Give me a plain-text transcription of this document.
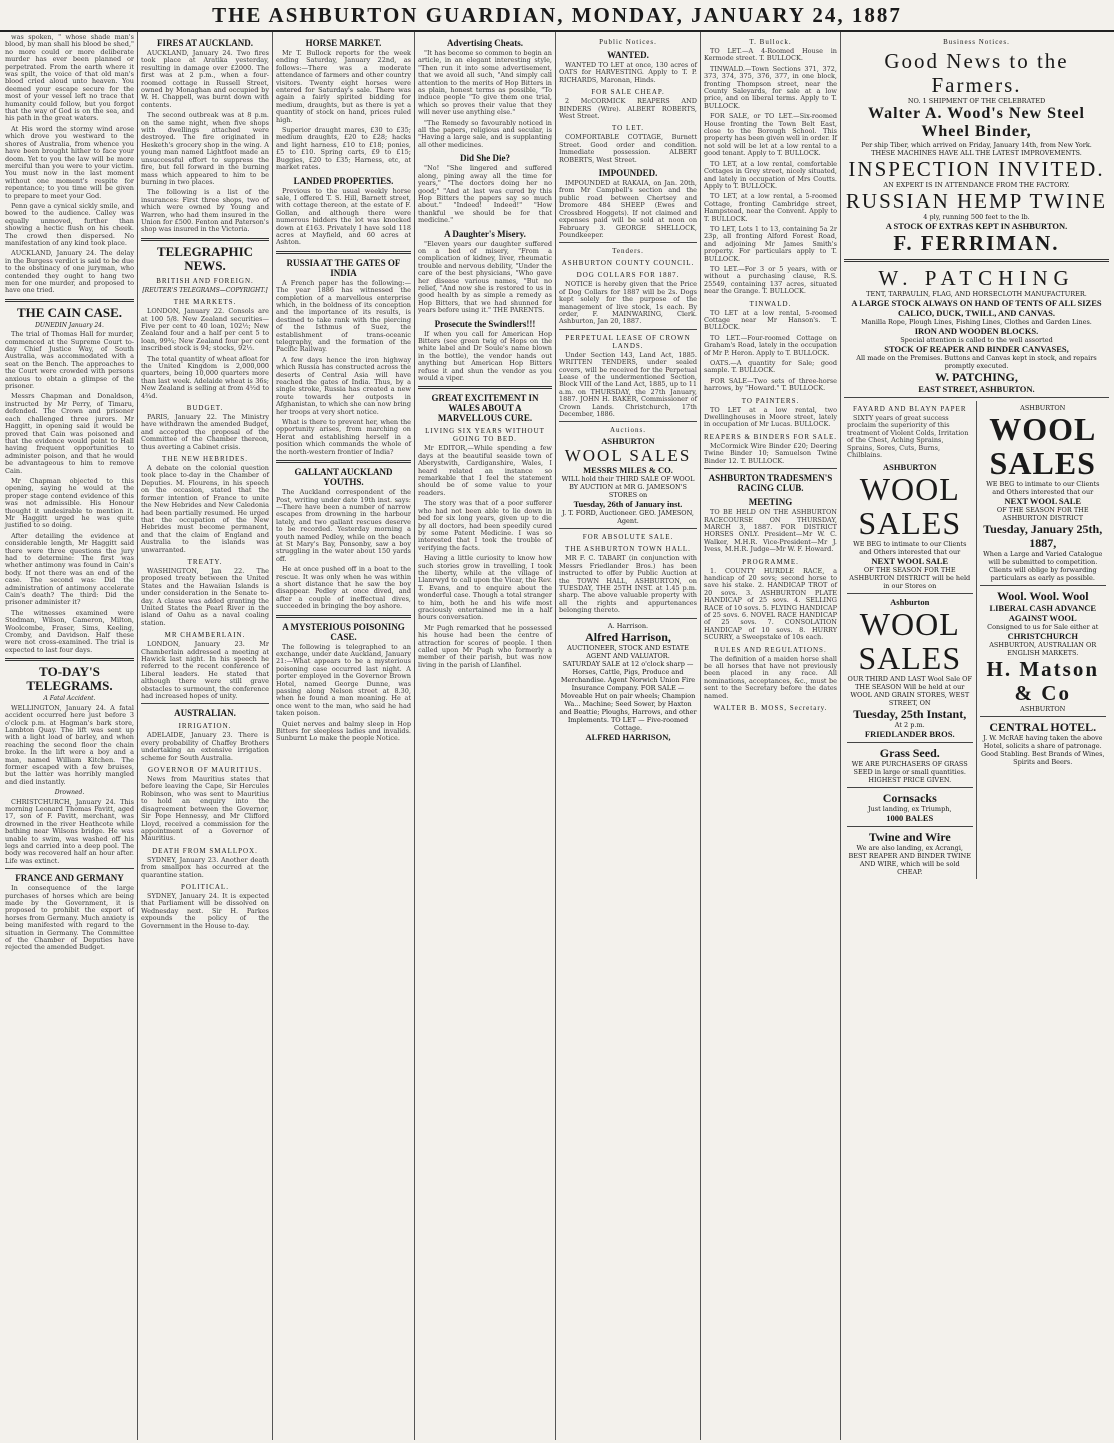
THE ASHBURTON GUARDIAN, MONDAY, JANUARY 24, 1887

was spoken, " whose shade man's blood, by man shall his blood be shed," no more could or more deliberate murder has ever been planned or perpetrated. From the earth where it was spilt, the voice of that old man's blood cried aloud unto heaven. You deemed your escape secure for the most of your vessel left no trace that humanity could follow, but you forgot that the way of God is on the sea, and his path in the great waters.

At His word the stormy wind arose which drove you westward to the shores of Australia, from whence you have been brought hither to face your doom. Yet to you the law will be more merciful than you were to your victim. You must now in the last moment without one moment's respite for repentance; to you time will be given to prepare to meet your God.

Penn gave a cynical sickly smile, and bowed to the audience. Calley was equally unmoved, further than showing a hectic flush on his cheek. The crowd then dispersed. No manifestation of any kind took place.

AUCKLAND, January 24. The delay in the Burgess verdict is said to be due to the obstinacy of one juryman, who contended they ought to hang two men for one murder, and proposed to have one tried.

THE CAIN CASE.
DUNEDIN January 24.

The trial of Thomas Hall for murder, commenced at the Supreme Court to-day Chief Justice Way, of South Australia, was accommodated with a seat on the Bench. The approaches to the Court were crowded with persons anxious to obtain a glimpse of the prisoner.

Messrs Chapman and Donaldson, instructed by Mr Perry, of Timaru, defended. The Crown and prisoner each challenged three jurors. Mr Haggitt, in opening said it would be proved that Cain was poisoned and that the evidence would point to Hall having frequent opportunities to administer poison, and that he would be advantageous to him to remove Cain.

Mr Chapman objected to this opening, saying he would at the proper stage contend evidence of this was not admissible. His Honour thought it undesirable to mention it. Mr Haggitt urged he was quite justified to so doing.

After detailing the evidence at considerable length, Mr Haggitt said there were three questions the jury had to determine: The first was whether antimony was found in Cain's body. If not there was an end of the case. The second was: Did the administration of antimony accelerate Cain's death? The third: Did the prisoner administer it?

The witnesses examined were Stedman, Wilson, Cameron, Milton, Woolcombe, Fraser, Sims, Keeling, Cromby, and Davidson. Half these were not cross-examined. The trial is expected to last four days.

TO-DAY'S TELEGRAMS.
A Fatal Accident.

WELLINGTON, January 24. A fatal accident occurred here just before 3 o'clock p.m. at Hagman's bark store, Lambton Quay. The lift was sent up with a light load of barley, and when reaching the second floor the chain broke. In the lift were a boy and a man, named William Kitchen. The former escaped with a few bruises, but the latter was horribly mangled and died instantly.

Drowned.

CHRISTCHURCH, January 24. This morning Leonard Thomas Pavitt, aged 17, son of F. Pavitt, merchant, was drowned in the river Heathcote while bathing near Wilsons bridge. He was unable to swim, was washed off his legs and carried into a deep pool. The body was recovered half an hour after. Life was extinct.

FRANCE AND GERMANY

In consequence of the large purchases of horses which are being made by the Government, it is proposed to prohibit the export of horses from Germany. Much anxiety is being manifested with regard to the situation in Germany. The Committee of the Chamber of Deputies have rejected the amended Budget.

FIRES AT AUCKLAND.

AUCKLAND, January 24. Two fires took place at Aratika yesterday, resulting in damage over £2000. The first was at 2 p.m., when a four-roomed cottage in Russell Street, owned by Monaghan and occupied by W. H. Chappell, was burnt down with contents.

The second outbreak was at 8 p.m. on the same night, when five shops with dwellings attached were destroyed. The fire originated in Hesketh's grocery shop in the wing. A young man named Lightfoot made an unsuccessful effort to suppress the fire, but fell forward in the burning mass which appeared to him to be burning in two places.

The following is a list of the insurances: First three shops, two of which were owned by Young and Warren, who had them insured in the Union for £500. Fenton and Paterson's shop was insured in the Victoria.

TELEGRAPHIC NEWS.
BRITISH AND FOREIGN.
[REUTER'S TELEGRAMS—COPYRIGHT.]
THE MARKETS.

LONDON, January 22. Consols are at 100 5/8. New Zealand securities—Five per cent to 40 loan, 102½; New Zealand four and a half per cent 5 to loan, 99¾; New Zealand four per cent inscribed stock is 94; stocks, 92½.

The total quantity of wheat afloat for the United Kingdom is 2,000,000 quarters, being 10,000 quarters more than last week. Adelaide wheat is 36s; New Zealand is selling at from 4½d to 4¾d.

BUDGET.

PARIS, January 22. The Ministry have withdrawn the amended Budget, and accepted the proposal of the Committee of the Chamber thereon, thus averting a Cabinet crisis.

THE NEW HEBRIDES.

A debate on the colonial question took place to-day in the Chamber of Deputies. M. Flourens, in his speech on the occasion, stated that the former intention of France to unite the New Hebrides and New Caledonia had been partially resumed. He urged that the occupation of the New Hebrides must become permanent, and that the claim of England and Australia to the islands was unwarranted.

TREATY.

WASHINGTON, Jan 22. The proposed treaty between the United States and the Hawaiian Islands is under consideration in the Senate to-day. A clause was added granting the United States the Pearl River in the island of Oahu as a naval coaling station.

MR CHAMBERLAIN.

LONDON, January 23. Mr Chamberlain addressed a meeting at Hawick last night. In his speech he referred to the recent conference of Liberal leaders. He stated that although there were still grave obstacles to surmount, the conference had increased hopes of unity.

AUSTRALIAN.
IRRIGATION.

ADELAIDE, January 23. There is every probability of Chaffey Brothers undertaking an extensive irrigation scheme for South Australia.

GOVERNOR OF MAURITIUS.

News from Mauritius states that before leaving the Cape, Sir Hercules Robinson, who was sent to Mauritius to hold an enquiry into the disagreement between the Governor, Sir Pope Hennessy, and Mr Clifford Lloyd, received a commission for the appointment of a Governor of Mauritius.

DEATH FROM SMALLPOX.

SYDNEY, January 23. Another death from smallpox has occurred at the quarantine station.

POLITICAL.

SYDNEY, January 24. It is expected that Parliament will be dissolved on Wednesday next. Sir H. Parkes expounds the policy of the Government in the House to-day.

HORSE MARKET.

Mr T. Bullock reports for the week ending Saturday, January 22nd, as follows:—There was a moderate attendance of farmers and other country visitors. Twenty eight horses were entered for Saturday's sale. There was again a fairly spirited bidding for medium, draughts, but as there is yet a quantity of stock on hand, prices ruled high.

Superior draught mares, £30 to £35; medium draughts, £20 to £28; hacks and light harness, £10 to £18; ponies, £5 to £10. Spring carts, £9 to £15; Buggies, £20 to £35; Harness, etc, at market rates.

LANDED PROPERTIES.

Previous to the usual weekly horse sale, I offered T. S. Hill, Barnett street, with cottage thereon, at the estate of F. Gollan, and although there were numerous bidders the lot was knocked down at £163. Privately I have sold 118 acres at Mayfield, and 60 acres at Ashton.

RUSSIA AT THE GATES OF INDIA

A French paper has the following:—The year 1886 has witnessed the completion of a marvellous enterprise which, in the boldness of its conception and the importance of its results, is destined to take rank with the piercing of the Isthmus of Suez, the establishment of trans-oceanic telegraphy, and the formation of the Pacific Railway.

A few days hence the iron highway which Russia has constructed across the deserts of Central Asia will have reached the gates of India. Thus, by a single stroke, Russia has created a new route towards her outposts in Afghanistan, to which she can now bring her troops at very short notice.

What is there to prevent her, when the opportunity arises, from marching on Herat and establishing herself in a position which commands the whole of the north-western frontier of India?

GALLANT AUCKLAND YOUTHS.

The Auckland correspondent of the Post, writing under date 19th inst. says:—There have been a number of narrow escapes from drowning in the harbour lately, and two gallant rescues deserve to be recorded. Yesterday morning a youth named Pedley, while on the beach at St Mary's Bay, Ponsonby, saw a boy struggling in the water about 150 yards off.

He at once pushed off in a boat to the rescue. It was only when he was within a short distance that he saw the boy disappear. Pedley at once dived, and after a couple of ineffectual dives, succeeded in bringing the boy ashore.

A MYSTERIOUS POISONING CASE.

The following is telegraphed to an exchange, under date Auckland, January 21:—What appears to be a mysterious poisoning case occurred last night. A porter employed in the Governor Brown Hotel, named George Dunne, was passing along Nelson street at 8.30, when he found a man moaning. He at once went to the man, who said he had taken poison.

Quiet nerves and balmy sleep in Hop Bitters for sleepless ladies and invalids. Sunburnt Lo make the people Notice.

Advertising Cheats.

"It has become so common to begin an article, in an elegant interesting style, "Then run it into some advertisement, that we avoid all such, "And simply call attention to the merits of Hop Bitters in as plain, honest terms as possible, "To induce people "To give them one trial, which so proves their value that they will never use anything else."

"The Remedy so favourably noticed in all the papers, religious and secular, is "Having a large sale, and is supplanting all other medicines.

Did She Die?

"No! "She lingered and suffered along, pining away all the time for years," "The doctors doing her no good;" "And at last was cured by this Hop Bitters the papers say so much about." "Indeed! Indeed!" "How thankful we should be for that medicine."

A Daughter's Misery.

"Eleven years our daughter suffered on a bed of misery, "From a complication of kidney, liver, rheumatic trouble and nervous debility, "Under the care of the best physicians, "Who gave her disease various names, "But no relief, "And now she is restored to us in good health by as simple a remedy as Hop Bitters, that we had shunned for years before using it." THE PARENTS.

Prosecute the Swindlers!!!

If when you call for American Hop Bitters (see green twig of Hops on the white label and Dr Soule's name blown in the bottle), the vendor hands out anything but American Hop Bitters refuse it and shun the vendor as you would a viper.

GREAT EXCITEMENT IN WALES ABOUT A MARVELLOUS CURE.
LIVING SIX YEARS WITHOUT GOING TO BED.

Mr EDITOR,—While spending a few days at the beautiful seaside town of Aberystwith, Cardiganshire, Wales, I heard related an instance so remarkable that I feel the statement should be of some value to your readers.

The story was that of a poor sufferer who had not been able to lie down in bed for six long years, given up to die by all doctors, had been speedily cured by some Patent Medicine. I was so interested that I took the trouble of verifying the facts.

Having a little curiosity to know how such stories grow in travelling, I took the liberty, while at the village of Llanrwyd to call upon the Vicar, the Rev. T. Evans, and to enquire about the wonderful case. Though a total stranger to him, both he and his wife most graciously entertained me in a half hours conversation.

Mr Pugh remarked that he possessed his house had been the centre of attraction for scores of people. I then called upon Mr Pugh who formerly a member of their parish, but was now living in the parish of Llanfihel.

Public Notices.
WANTED.

WANTED TO LET at once, 130 acres of OATS for HARVESTING. Apply to T. P. RICHARDS, Maronan, Hinds.

FOR SALE CHEAP.

2 McCORMICK REAPERS AND BINDERS (Wire). ALBERT ROBERTS, West Street.

TO LET.

COMFORTABLE COTTAGE, Burnett Street. Good order and condition. Immediate possession. ALBERT ROBERTS, West Street.

IMPOUNDED.

IMPOUNDED at RAKAIA, on Jan. 20th, from Mr Campbell's section and the public road between Chertsey and Dromore 484 SHEEP (Ewes and Crossbred Hoggets). If not claimed and expenses paid will be sold at noon on February 3. GEORGE SHELLOCK, Poundkeeper.

Tenders.
ASHBURTON COUNTY COUNCIL.
DOG COLLARS FOR 1887.

NOTICE is hereby given that the Price of Dog Collars for 1887 will be 2s. Dogs kept solely for the purpose of the management of live stock, 1s each. By order, F. MAINWARING, Clerk. Ashburton, Jan 20, 1887.

PERPETUAL LEASE OF CROWN LANDS.

Under Section 143, Land Act, 1885. WRITTEN TENDERS, under sealed covers, will be received for the Perpetual Lease of the undermentioned Section, Block VIII of the Land Act, 1885, up to 11 a.m. on THURSDAY, the 27th January, 1887. JOHN H. BAKER, Commissioner of Crown Lands. Christchurch, 17th December, 1886.

Auctions.
ASHBURTON
WOOL SALES
MESSRS MILES & CO.
WILL hold their THIRD SALE OF WOOL BY AUCTION at MR G. JAMESON'S STORES on
Tuesday, 26th of January inst.
J. T. FORD, Auctioneer. GEO. JAMESON, Agent.
FOR ABSOLUTE SALE.
THE ASHBURTON TOWN HALL.

MR F. C. TABART (in conjunction with Messrs Friedlander Bros.) has been instructed to offer by Public Auction at the TOWN HALL, ASHBURTON, on TUESDAY, THE 25TH INST. at 1.45 p.m. sharp. The above valuable property with all the rights and appurtenances belonging thereto.

A. Harrison.
Alfred Harrison,
AUCTIONEER, STOCK AND ESTATE AGENT AND VALUATOR.
SATURDAY SALE at 12 o'clock sharp — Horses, Cattle, Pigs, Produce and Merchandise. Agent Norwich Union Fire Insurance Company. FOR SALE — Moveable Hut on pair wheels; Champion Wa... Machine; Seed Sower, by Haxton and Beattie; Ploughs, Harrows, and other Implements. TO LET — Five-roomed Cottage.
ALFRED HARRISON,
T. Bullock.

TO LET.—A 4-Roomed House in Kermode street. T. BULLOCK.

TINWALD.—Town Sections 371, 372, 373, 374, 375, 376, 377, in one block, fronting Thompson street, near the County Saleyards, for sale at a low price, and on liberal terms. Apply to T. BULLOCK.

FOR SALE, or TO LET.—Six-roomed House fronting the Town Belt East, close to the Borough School. This property has been given well in order. If not sold will be let at a low rental to a good tenant. Apply to T. BULLOCK.

TO LET, at a low rental, comfortable Cottages in Grey street, nicely situated, and lately in occupation of Mrs Coutts. Apply to T. BULLOCK.

TO LET, at a low rental, a 5-roomed Cottage, fronting Cambridge street, Hampstead, near the Convent. Apply to T. BULLOCK.

TO LET, Lots 1 to 13, containing 5a 2r 23p, all fronting Alford Forest Road, and adjoining Mr James Smith's property. For particulars apply to T. BULLOCK.

TO LET.—For 3 or 5 years, with or without a purchasing clause, R.S. 25549, containing 137 acres, situated near the Grange. T. BULLOCK.

TINWALD.

TO LET at a low rental, 5-roomed Cottage near Mr Hanson's. T. BULLOCK.

TO LET.—Four-roomed Cottage on Graham's Road, lately in the occupation of Mr P. Heron. Apply to T. BULLOCK.

OATS.—A quantity for Sale; good sample. T. BULLOCK.

FOR SALE—Two sets of three-horse harrows, by "Howard." T. BULLOCK.

TO PAINTERS.

TO LET at a low rental, two Dwellinghouses in Moore street, lately in occupation of Mr Lucas. BULLOCK.

REAPERS & BINDERS FOR SALE.

McCormick Wire Binder £20; Deering Twine Binder 10; Samuelson Twine Binder 12. T. BULLOCK.

ASHBURTON TRADESMEN'S RACING CLUB.
MEETING

TO BE HELD ON THE ASHBURTON RACECOURSE ON THURSDAY, MARCH 3, 1887. FOR DISTRICT HORSES ONLY. President—Mr W. C. Walker, M.H.R. Vice-President—Mr J. Ivess, M.H.R. Judge—Mr W. F. Howard.

PROGRAMME.

1. COUNTY HURDLE RACE, a handicap of 20 sovs; second horse to save his stake. 2. HANDICAP TROT of 20 sovs. 3. ASHBURTON PLATE HANDICAP of 25 sovs. 4. SELLING RACE of 10 sovs. 5. FLYING HANDICAP of 25 sovs. 6. NOVEL RACE HANDICAP of 25 sovs. 7. CONSOLATION HANDICAP of 10 sovs. 8. HURRY SCURRY, a Sweepstake of 10s each.

RULES AND REGULATIONS.

The definition of a maiden horse shall be all horses that have not previously been placed in any race. All nominations, acceptances, &c., must be sent to the Secretary before the dates named.

WALTER B. MOSS, Secretary.
Business Notices.
Good News to the Farmers.
NO. 1 SHIPMENT OF THE CELEBRATED
Walter A. Wood's New Steel Wheel Binder,
Per ship Tiber, which arrived on Friday, January 14th, from New York.
THESE MACHINES HAVE ALL THE LATEST IMPROVEMENTS.
INSPECTION INVITED.
AN EXPERT IS IN ATTENDANCE FROM THE FACTORY.
RUSSIAN HEMP TWINE
4 ply, running 500 feet to the lb.
A STOCK OF EXTRAS KEPT IN ASHBURTON.
F. FERRIMAN.
W. PATCHING
TENT, TARPAULIN, FLAG, AND HORSECLOTH MANUFACTURER.
A LARGE STOCK ALWAYS ON HAND OF TENTS OF ALL SIZES CALICO, DUCK, TWILL, AND CANVAS.
Manilla Rope, Plough Lines, Fishing Lines, Clothes and Garden Lines.
IRON AND WOODEN BLOCKS.
Special attention is called to the well assorted
STOCK OF REAPER AND BINDER CANVASES,
All made on the Premises. Buttons and Canvas kept in stock, and repairs promptly executed.
W. PATCHING,
EAST STREET, ASHBURTON.
FAYARD AND BLAYN PAPER

SIXTY years of great success proclaim the superiority of this treatment of Violent Colds, Irritation of the Chest, Aching Sprains, Sprains, Sores, Cuts, Burns, Chilblains.

ASHBURTON
WOOL SALES
WE BEG to intimate to our Clients and Others interested that our
NEXT WOOL SALE
OF THE SEASON FOR THE ASHBURTON DISTRICT will be held in our Stores on
Ashburton
WOOL SALES
OUR THIRD AND LAST Wool Sale OF THE SEASON Will be held at our WOOL AND GRAIN STORES, WEST STREET, ON
Tuesday, 25th Instant,
At 2 p.m.
FRIEDLANDER BROS.
Grass Seed.
WE ARE PURCHASERS OF GRASS SEED in large or small quantities. HIGHEST PRICE GIVEN.
Cornsacks
Just landing, ex Triumph,
1000 BALES
Twine and Wire
We are also landing, ex Acrangi, BEST REAPER AND BINDER TWINE AND WIRE, which will be sold CHEAP.
ASHBURTON
WOOL SALES
WE BEG to intimate to our Clients and Others interested that our
NEXT WOOL SALE
OF THE SEASON FOR THE ASHBURTON DISTRICT
Tuesday, January 25th, 1887,
When a Large and Varied Catalogue will be submitted to competition. Clients will oblige by forwarding particulars as early as possible.
Wool. Wool. Wool
LIBERAL CASH ADVANCE
AGAINST WOOL
Consigned to us for Sale either at
CHRISTCHURCH
ASHBURTON, AUSTRALIAN OR ENGLISH MARKETS.
H. Matson & Co
ASHBURTON
CENTRAL HOTEL.
J. W. McRAE having taken the above Hotel, solicits a share of patronage. Good Stabling. Best Brands of Wines, Spirits and Beers.
